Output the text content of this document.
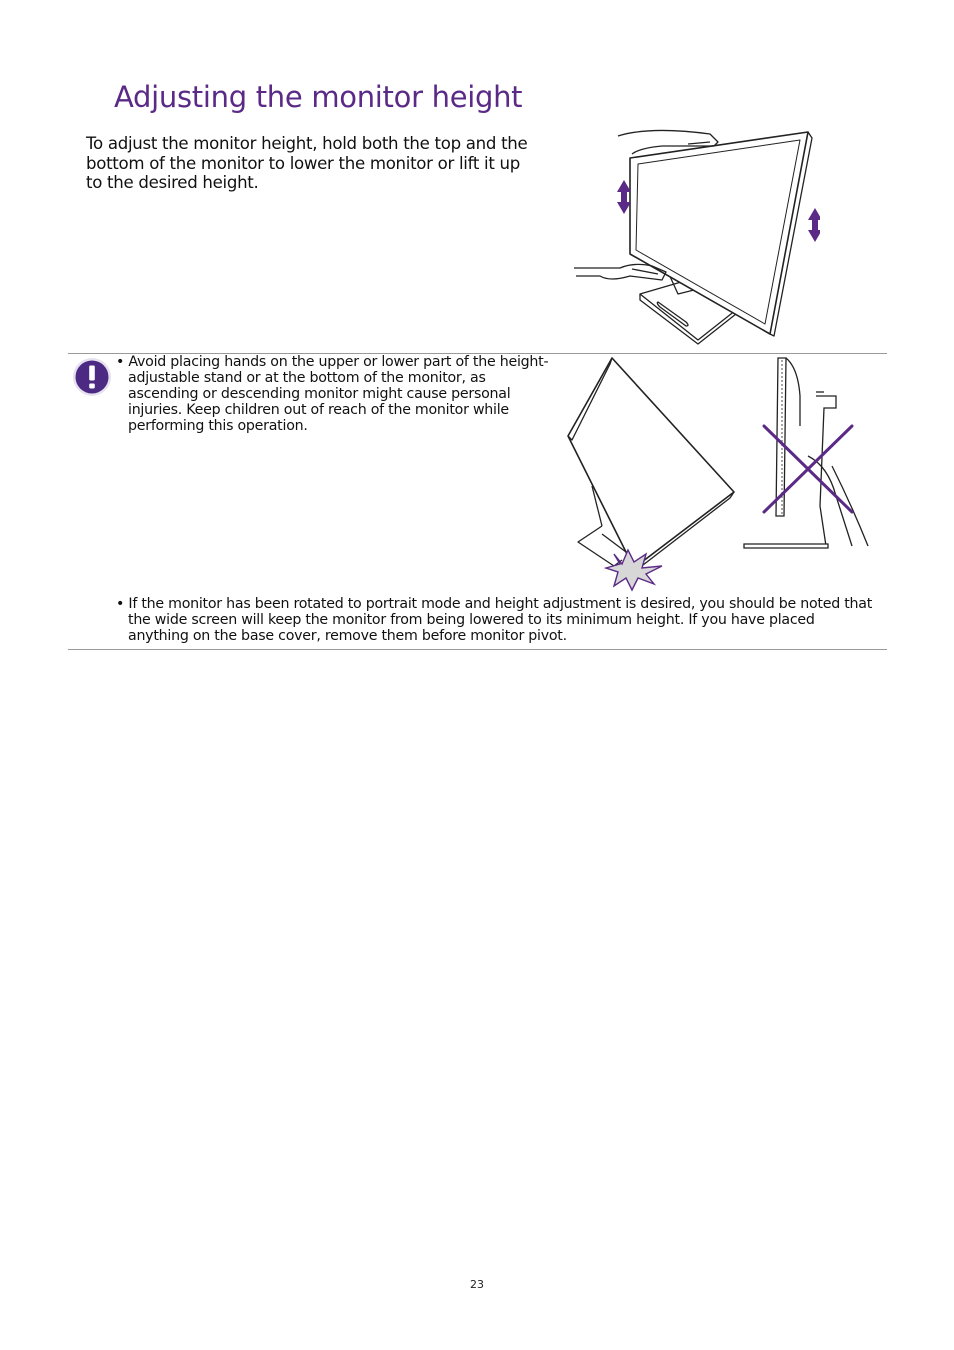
Adjusting the monitor height

To adjust the monitor height, hold both the top and the bottom of the monitor to lower the monitor or lift it up to the desired height.

• Avoid placing hands on the upper or lower part of the height-adjustable stand or at the bottom of the monitor, as ascending or descending monitor might cause personal injuries. Keep children out of reach of the monitor while performing this operation.

• If the monitor has been rotated to portrait mode and height adjustment is desired, you should be noted that the wide screen will keep the monitor from being lowered to its minimum height. If you have placed anything on the base cover, remove them before monitor pivot.

23
